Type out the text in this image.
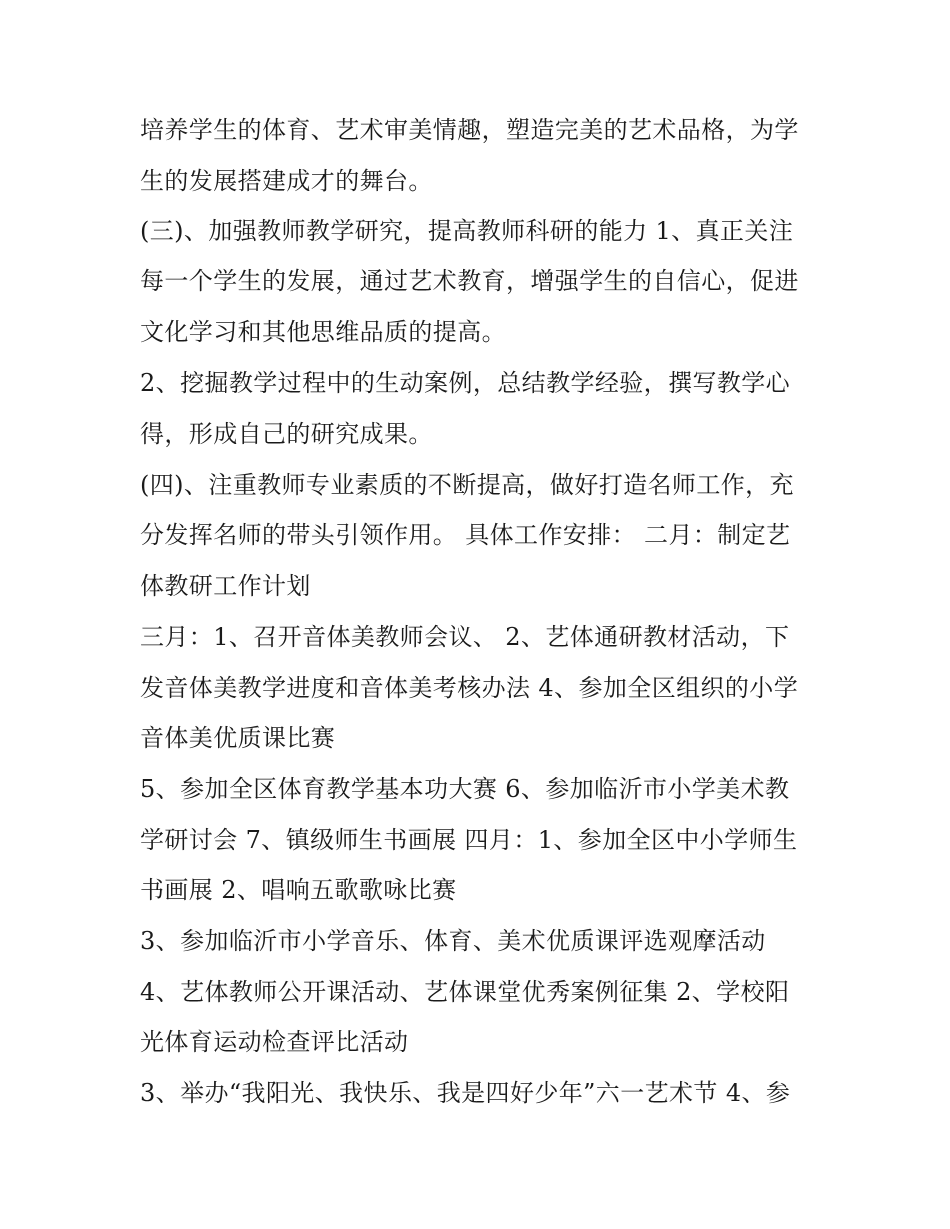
培养学生的体育、艺术审美情趣，塑造完美的艺术品格，为学
生的发展搭建成才的舞台。
(三)、加强教师教学研究，提高教师科研的能力 1、真正关注
每一个学生的发展，通过艺术教育，增强学生的自信心，促进
文化学习和其他思维品质的提高。
2、挖掘教学过程中的生动案例，总结教学经验，撰写教学心
得，形成自己的研究成果。
(四)、注重教师专业素质的不断提高，做好打造名师工作，充
分发挥名师的带头引领作用。 具体工作安排： 二月：制定艺
体教研工作计划
三月：1、召开音体美教师会议、 2、艺体通研教材活动，下
发音体美教学进度和音体美考核办法 4、参加全区组织的小学
音体美优质课比赛
5、参加全区体育教学基本功大赛 6、参加临沂市小学美术教
学研讨会 7、镇级师生书画展 四月：1、参加全区中小学师生
书画展 2、唱响五歌歌咏比赛
3、参加临沂市小学音乐、体育、美术优质课评选观摩活动
4、艺体教师公开课活动、艺体课堂优秀案例征集 2、学校阳
光体育运动检查评比活动
3、举办“我阳光、我快乐、我是四好少年”六一艺术节 4、参
